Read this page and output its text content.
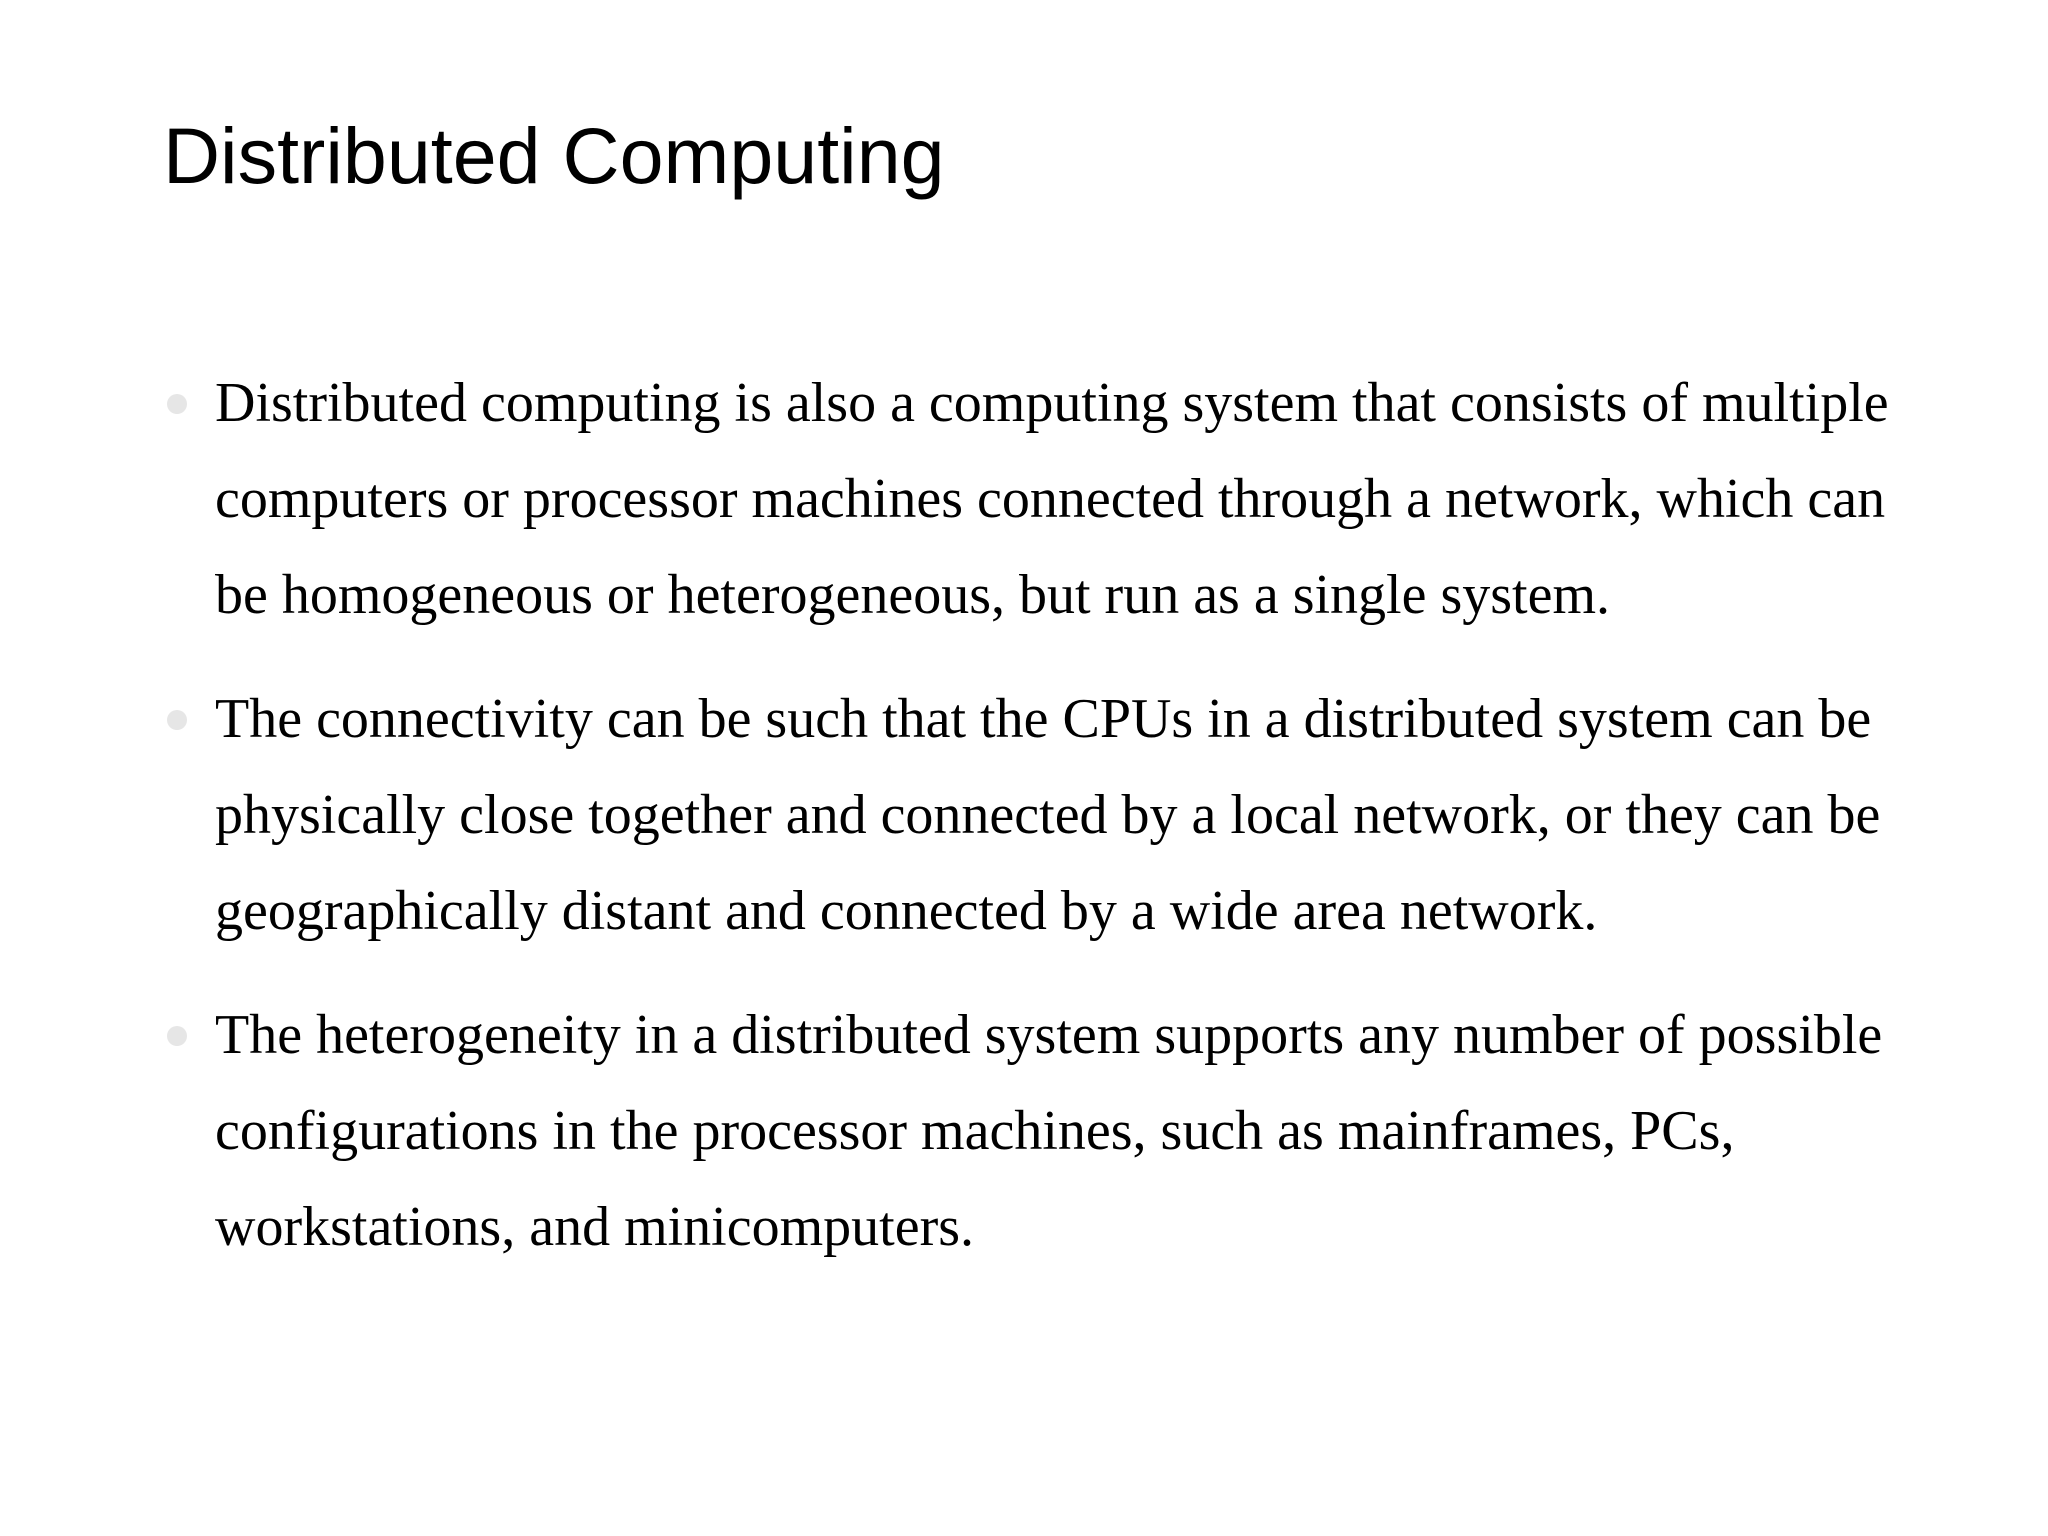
Distributed Computing
Distributed computing is also a computing system that consists of multiple computers or processor machines connected through a network, which can be homogeneous or heterogeneous, but run as a single system.
The connectivity can be such that the CPUs in a distributed system can be physically close together and connected by a local network, or they can be geographically distant and connected by a wide area network.
The heterogeneity in a distributed system supports any number of possible configurations in the processor machines, such as mainframes, PCs, workstations, and minicomputers.
